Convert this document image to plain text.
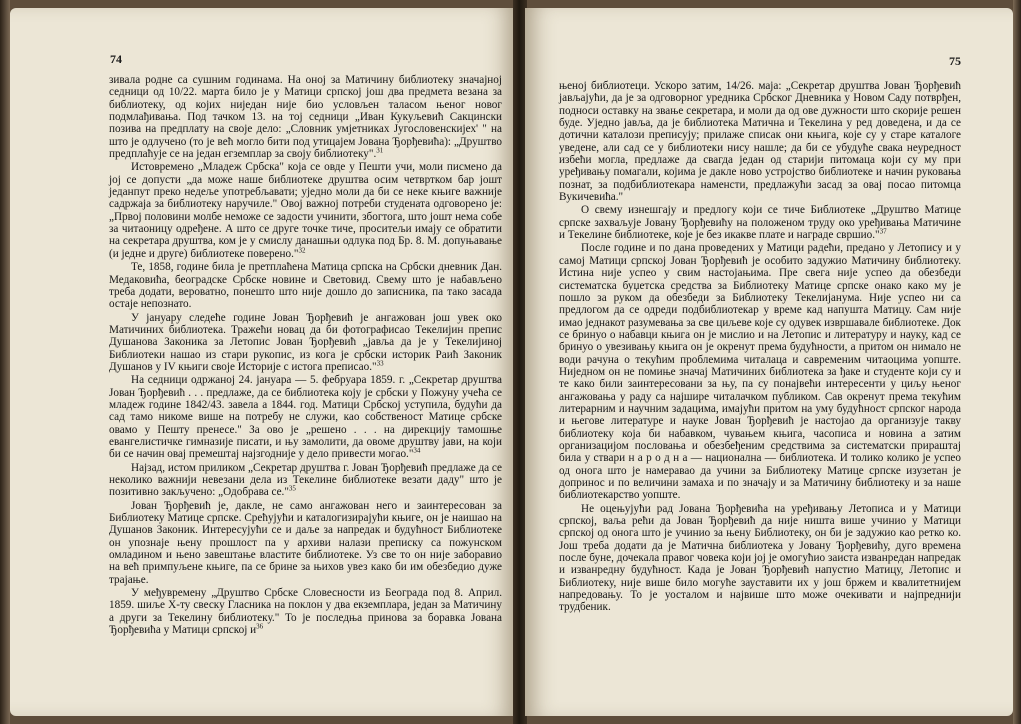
74

зивала родне са сушним годинама. На оној за Матичину библиотеку значајној седници од 10/22. марта било је у Матици српској још два предмета везана за библиотеку, од којих ниједан није био условљен таласом њеног новог подмлађивања. Под тачком 13. на тој седници „Иван Кукуљевић Сакцински позива на предплату на своје дело: „Словник умјетниках Југословенскијех' " на што је одлучено (то је већ могло бити под утицајем Јована Ђорђевића): „Друштво предплаћује се на један егземплар за своју библиотеку".$^{31}$

Истовремено „Младеж Србска" која се овде у Пешти учи, моли писмено да јој се допусти „да може наше библиотеке друштва осим четвртком бар јошт једанпут преко недеље употребљавати; уједно моли да би се неке књиге важније садржаја за библиотеку наручиле." Овој важној потреби студената одговорено је: „Првој половини молбе неможе се задости учинити, збогтога, што јошт нема собе за читаоницу одређене. А што се друге точке тиче, проситељи имају се обратити на секретара друштва, ком је у смислу данашњи одлука под Бр. 8. М. допуњавање (и једне и друге) библиотеке поверено."$^{32}$

Те, 1858, године била је претплаћена Матица српска на Србски дневник Дан. Медаковића, београдске Србске новине и Световид. Свему што је набављено треба додати, вероватно, понешто што није дошло до записника, па тако засада остаје непознато.

У јануару следеће године Јован Ђорђевић је ангажован још увек око Матичиних библиотека. Тражећи новац да би фотографисао Текелијин препис Душанова Законика за Летопис Јован Ђорђевић „јавља да је у Текелијиној Библиотеки нашао из стари рукопис, из кога је србски историк Раић Законик Душанов у IV књиги своје Историје с истога преписао."$^{33}$

На седници одржаној 24. јануара — 5. фебруара 1859. г. „Секретар друштва Јован Ђорђевић . . . предлаже, да се библиотека коју је србски у Пожуну учећа се младеж године 1842/43. завела а 1844. год. Матици Србској уступила, будући да сад тамо никоме више на потребу не служи, као собственост Матице србске овамо у Пешту пренесе." За ово је „решено . . . на дирекцију тамошње евангелистичке гимназије писати, и њу замолити, да овоме друштву јави, на који би се начин оваj премештај најзгодније у дело привести могао."$^{34}$

Најзад, истом приликом „Секретар друштва г. Јован Ђорђевић предлаже да се неколико важнији невезани дела из Текелине библиотеке везати даду" што је позитивно закључено: „Одобрава се."$^{35}$

Јован Ђорђевић је, дакле, не само ангажован него и заинтересован за Библиотеку Матице српске. Срећујући и каталогизирајући књиге, он је наишао на Душанов Законик. Интересујући се и даље за напредак и будућност Библиотеке он упознаје њену прошлост па у архиви налази преписку са пожунском омладином и њено завештање властите библиотеке. Уз све то он није заборавио на већ примпуљене књиге, па се брине за њихов увез како би им обезбедио дуже трајање.

У међувремену „Друштво Србске Словесности из Београда под 8. Април. 1859. шиље Х-ту свеску Гласника на поклон у два екземплара, један за Матичину а други за Текелину библиотеку." То је последња принова за боравка Јована Ђорђевића у Матици српској и$^{36}$

75

њеној библиотеци. Ускоро затим, 14/26. маја: „Секретар друштва Јован Ђорђевић јављајући, да је за одговорног уредника Србског Дневника у Новом Саду потврђен, подноси оставку на звање секретара, и моли да од ове дужности што скорије решен буде. Уједно јавља, да је библиотека Матична и Текелина у ред доведена, и да се дотични каталози преписују; прилаже списак они књига, које су у старе каталоге уведене, али сад се у библиотеки нису нашле; да би се убудуће свака неуредност избећи могла, предлаже да свагда један од старији питомаца који су му при уређивању помагали, којима је дакле ново устројство библиотеке и начин руковања познат, за подбиблиотекара наменсти, предлажући засад за овај посао питомца Вукичевића."

О свему изнешгају и предлогу који се тиче Библиотеке „Друштво Матице српске захваљује Јовану Ђорђевићу на положеном труду око уређивања Матичине и Текелине библиотеке, које је без икакве плате и награде свршио."$^{37}$

После године и по дана проведених у Матици радећи, предано у Летопису и у самој Матици српској Јован Ђорђевић је особито задужио Матичину библиотеку. Истина није успео у свим настојањима. Пре свега није успео да обезбеди систематска буџетска средства за Библиотеку Матице српске онако како му је пошло за руком да обезбеди за Библиотеку Текелијанума. Није успео ни са предлогом да се одреди подбиблиотекар у време кад напушта Матицу. Сам није имао једнакот разумевања за све циљеве које су одувек извршавале библиотеке. Док се бринуо о набавци књига он је мислио и на Летопис и литературу и науку, кад се бринуо о увезивању књига он је окренут према будућности, а притом он нимало не води рачуна о текућим проблемима читалаца и савременим читаоцима уопште. Ниједном он не помиње значај Матичиних библиотека за ђаке и студенте који су и те како били заинтересовани за њу, па су понајвећи интересенти у циљу њеног ангажовања у раду са најшире читалачком публиком. Сав окренут према текућим литерарним и научним задацима, имајући притом на уму будућност српског народа и његове литературе и науке Јован Ђорђевић је настојао да организује такву библиотеку која би набавком, чувањем књига, часописа и новина а затим организацијом пословања и обезбеђеним средствима за систематски прираштај била у ствари н а р о д н а — национална — библиотека. И толико колико је успео од онога што је намеравао да учини за Библиотеку Матице српске изузетан је допринос и по величини замаха и по значају и за Матичину библиотеку и за наше библиотекарство уопште.

Не оцењујући рад Јована Ђорђевића на уређивању Летописа и у Матици српској, ваља рећи да Јован Ђорђевић да ниje ништа више учинио у Матици српској од онога што је учинио за њену Библиотеку, он би је задужио као ретко ко. Још треба додати да је Матична библиотека у Јовану Ђорђевићу, дуго времена после буне, дочекала правог човека који јој је омогућио заиста изванредан напредак и изванредну будућност. Када је Јован Ђорђевић напустио Матицу, Летопис и Библиотеку, није више било могуће зауставити их у још бржем и квалитетнијем напредовању. То је уосталом и највише што може очекивати и најпреднији трудбеник.
